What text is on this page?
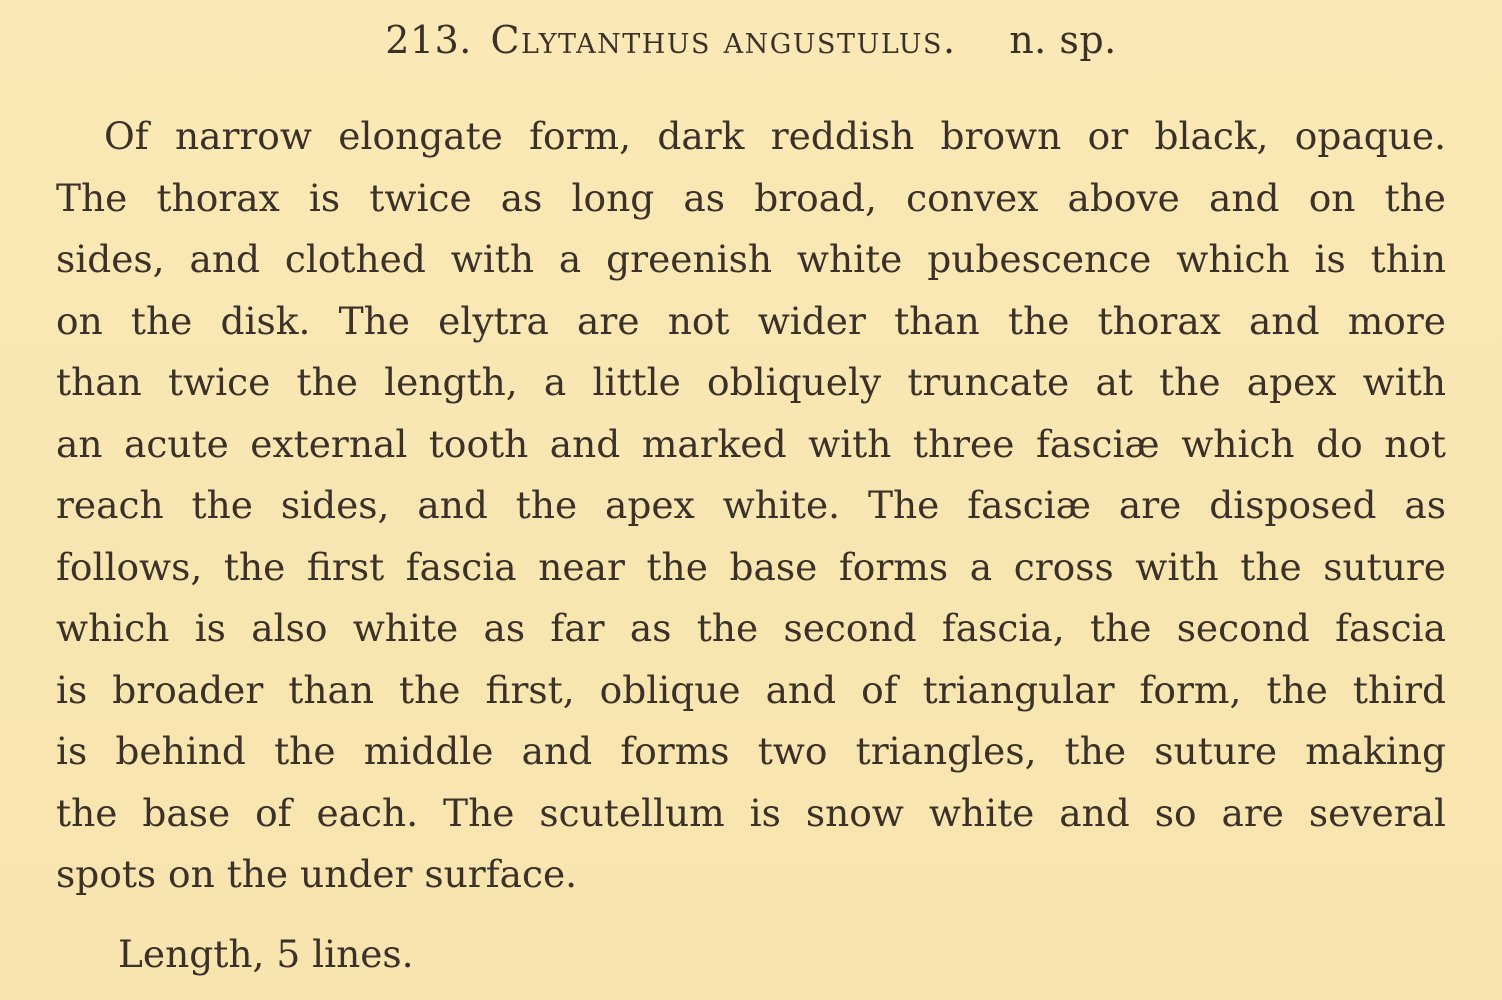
213. Clytanthus angustulus. n. sp.
Of narrow elongate form, dark reddish brown or black, opaque.
The thorax is twice as long as broad, convex above and on the
sides, and clothed with a greenish white pubescence which is thin
on the disk. The elytra are not wider than the thorax and more
than twice the length, a little obliquely truncate at the apex with
an acute external tooth and marked with three fasciæ which do not
reach the sides, and the apex white. The fasciæ are disposed as
follows, the first fascia near the base forms a cross with the suture
which is also white as far as the second fascia, the second fascia
is broader than the first, oblique and of triangular form, the third
is behind the middle and forms two triangles, the suture making
the base of each. The scutellum is snow white and so are several
spots on the under surface.
Length, 5 lines.
